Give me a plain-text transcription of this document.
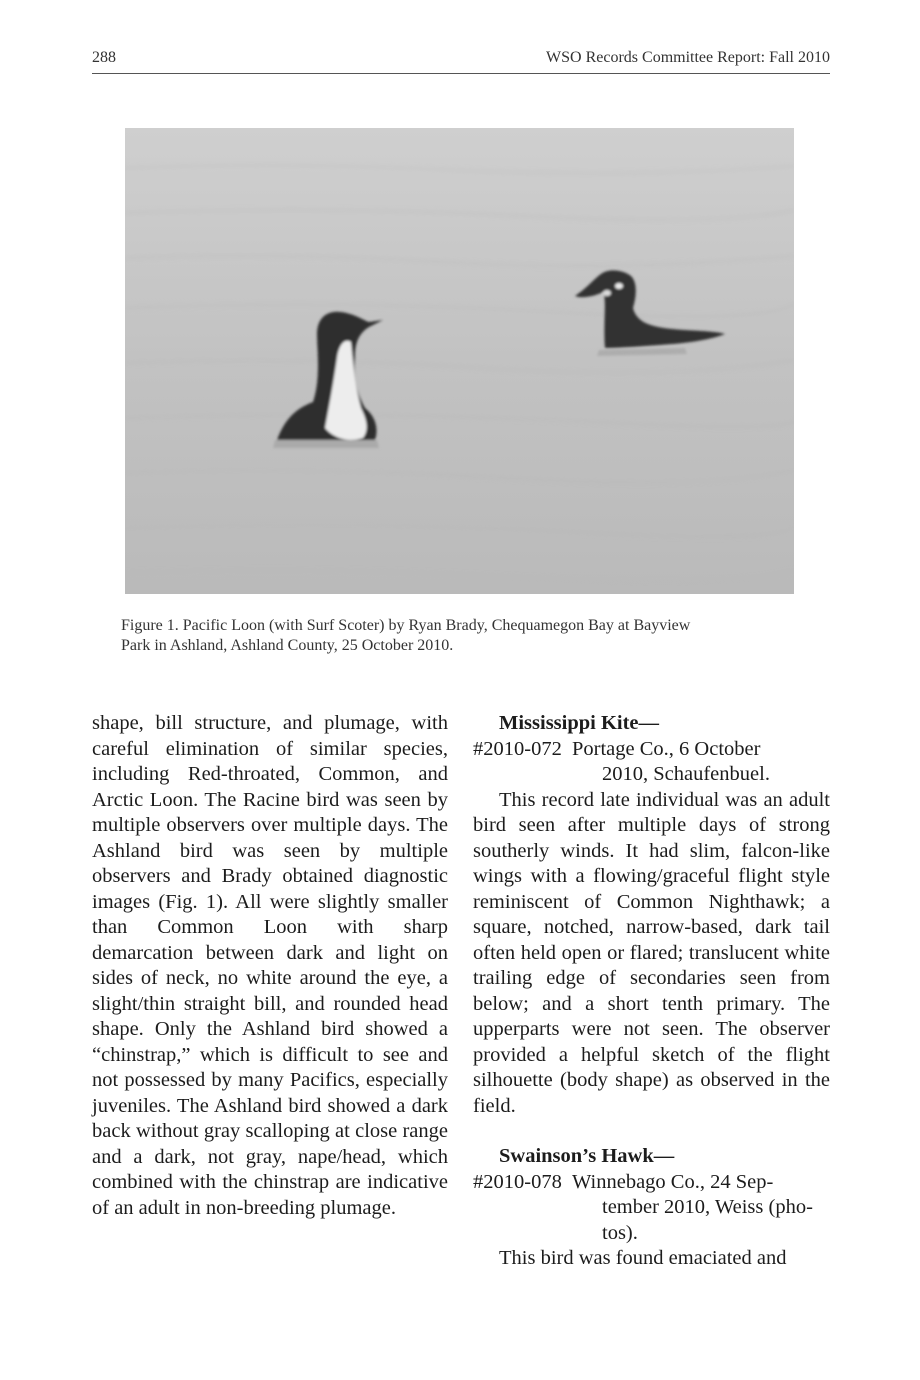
288	WSO Records Committee Report: Fall 2010
Figure 1. Pacific Loon (with Surf Scoter) by Ryan Brady, Chequamegon Bay at Bayview
Park in Ashland, Ashland County, 25 October 2010.

shape, bill structure, and plumage, with careful elimination of similar species, including Red-throated, Common, and Arctic Loon. The Racine bird was seen by multiple observers over multiple days. The Ashland bird was seen by multiple observers and Brady obtained diagnostic images (Fig. 1). All were slightly smaller than Common Loon with sharp demarcation between dark and light on sides of neck, no white around the eye, a slight/thin straight bill, and rounded head shape. Only the Ashland bird showed a “chinstrap,” which is difficult to see and not possessed by many Pacifics, especially juveniles. The Ashland bird showed a dark back without gray scalloping at close range and a dark, not gray, nape/head, which combined with the chinstrap are indicative of an adult in non-breeding plumage.

Mississippi Kite—
#2010-072 Portage Co., 6 October
2010, Schaufenbuel.

This record late individual was an adult bird seen after multiple days of strong southerly winds. It had slim, falcon-like wings with a flowing/graceful flight style reminiscent of Common Nighthawk; a square, notched, narrow-based, dark tail often held open or flared; translucent white trailing edge of secondaries seen from below; and a short tenth primary. The upperparts were not seen. The observer provided a helpful sketch of the flight silhouette (body shape) as observed in the field.

Swainson’s Hawk—
#2010-078 Winnebago Co., 24 Sep-
tember 2010, Weiss (pho-
tos).

This bird was found emaciated and
